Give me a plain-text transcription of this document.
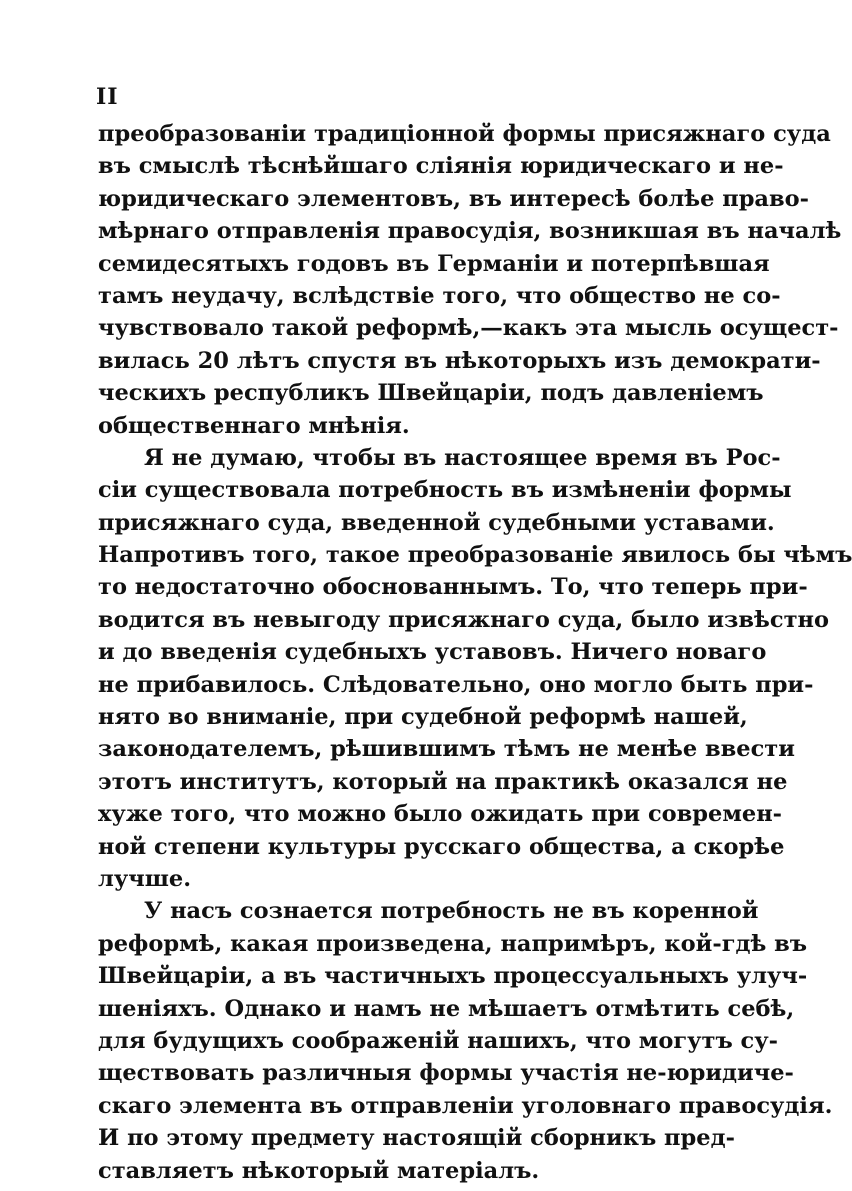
II
преобразованіи традиціонной формы присяжнаго суда
въ смыслѣ тѣснѣйшаго сліянія юридическаго и не-
юридическаго элементовъ, въ интересѣ болѣе право-
мѣрнаго отправленія правосудія, возникшая въ началѣ
семидесятыхъ годовъ въ Германіи и потерпѣвшая
тамъ неудачу, вслѣдствіе того, что общество не со-
чувствовало такой реформѣ,—какъ эта мысль осущест-
вилась 20 лѣтъ спустя въ нѣкоторыхъ изъ демократи-
ческихъ республикъ Швейцаріи, подъ давленіемъ
общественнаго мнѣнія.
Я не думаю, чтобы въ настоящее время въ Рос-
сіи существовала потребность въ измѣненіи формы
присяжнаго суда, введенной судебными уставами.
Напротивъ того, такое преобразованіе явилось бы чѣмъ
то недостаточно обоснованнымъ. То, что теперь при-
водится въ невыгоду присяжнаго суда, было извѣстно
и до введенія судебныхъ уставовъ. Ничего новаго
не прибавилось. Слѣдовательно, оно могло быть при-
нято во вниманіе, при судебной реформѣ нашей,
законодателемъ, рѣшившимъ тѣмъ не менѣе ввести
этотъ институтъ, который на практикѣ оказался не
хуже того, что можно было ожидать при современ-
ной степени культуры русскаго общества, а скорѣе
лучше.
У насъ сознается потребность не въ коренной
реформѣ, какая произведена, напримѣръ, кой-гдѣ въ
Швейцаріи, а въ частичныхъ процессуальныхъ улуч-
шеніяхъ. Однако и намъ не мѣшаетъ отмѣтить себѣ,
для будущихъ соображеній нашихъ, что могутъ су-
ществовать различныя формы участія не-юридиче-
скаго элемента въ отправленіи уголовнаго правосудія.
И по этому предмету настоящій сборникъ пред-
ставляетъ нѣкоторый матеріалъ.
